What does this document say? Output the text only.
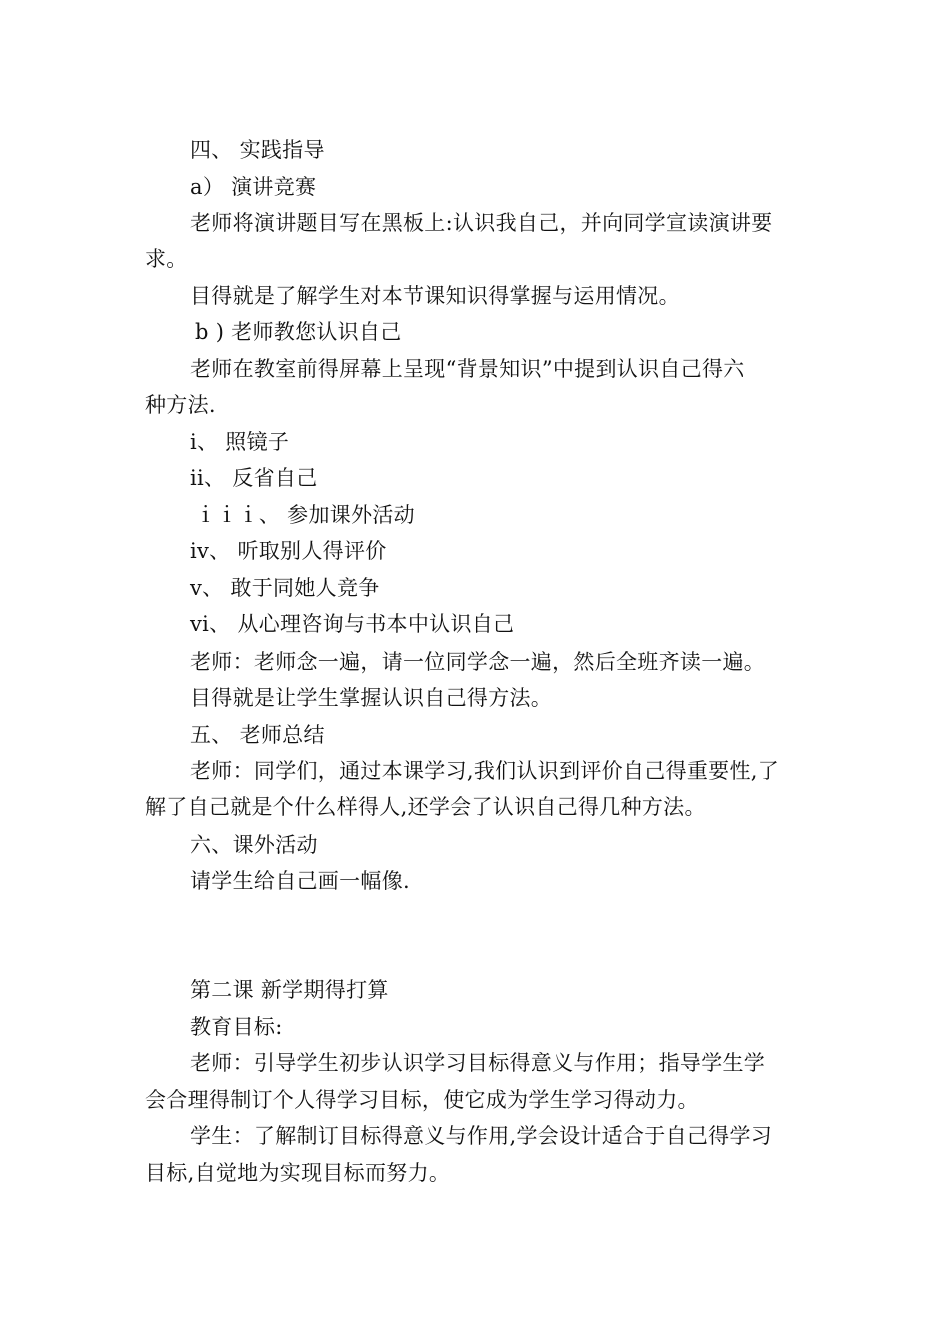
四、 实践指导
a） 演讲竞赛
老师将演讲题目写在黑板上:认识我自己，并向同学宣读演讲要
求。
目得就是了解学生对本节课知识得掌握与运用情况。
b ) 老师教您认识自己
老师在教室前得屏幕上呈现“背景知识”中提到认识自己得六
种方法.
i、 照镜子
ii、 反省自己
ｉｉｉ、 参加课外活动
iv、 听取别人得评价
v、 敢于同她人竞争
vi、 从心理咨询与书本中认识自己
老师：老师念一遍，请一位同学念一遍，然后全班齐读一遍。
目得就是让学生掌握认识自己得方法。
五、 老师总结
老师：同学们，通过本课学习,我们认识到评价自己得重要性,了
解了自己就是个什么样得人,还学会了认识自己得几种方法。
六、课外活动
请学生给自己画一幅像.
第二课 新学期得打算
教育目标:
老师：引导学生初步认识学习目标得意义与作用；指导学生学
会合理得制订个人得学习目标，使它成为学生学习得动力。
学生：了解制订目标得意义与作用,学会设计适合于自己得学习
目标,自觉地为实现目标而努力。
